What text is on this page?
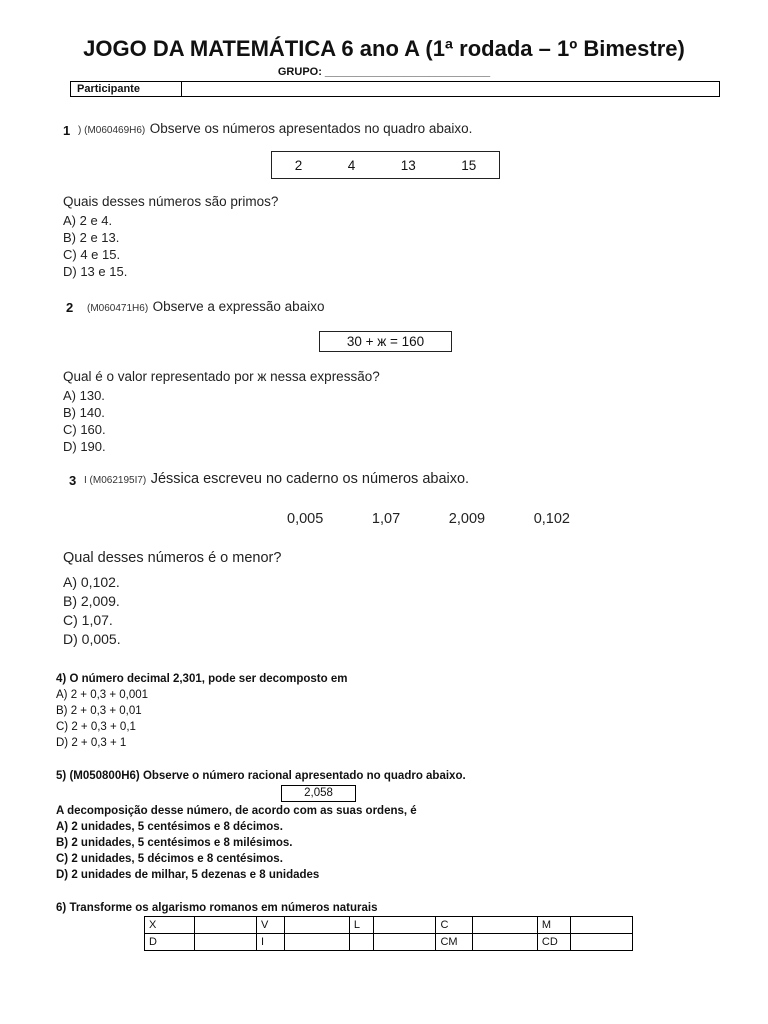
JOGO DA MATEMÁTICA 6 ano A (1ª rodada – 1º Bimestre)
GRUPO: ___________________________
Participante
1 ) (M060469H6) Observe os números apresentados no quadro abaixo.
2	4	13	15
Quais desses números são primos?
A) 2 e 4.
B) 2 e 13.
C) 4 e 15.
D) 13 e 15.
2 (M060471H6) Observe a expressão abaixo
30 + ж = 160
Qual é o valor representado por ж nessa expressão?
A) 130.
B) 140.
C) 160.
D) 190.
3 I (M062195I7) Jéssica escreveu no caderno os números abaixo.
0,005	1,07	2,009	0,102
Qual desses números é o menor?
A) 0,102.
B) 2,009.
C) 1,07.
D) 0,005.
4) O número decimal 2,301, pode ser decomposto em
A) 2 + 0,3 + 0,001
B) 2 + 0,3 + 0,01
C) 2 + 0,3 + 0,1
D) 2 + 0,3 + 1
5) (M050800H6) Observe o número racional apresentado no quadro abaixo.
2,058
A decomposição desse número, de acordo com as suas ordens, é
A) 2 unidades, 5 centésimos e 8 décimos.
B) 2 unidades, 5 centésimos e 8 milésimos.
C) 2 unidades, 5 décimos e 8 centésimos.
D) 2 unidades de milhar, 5 dezenas e 8 unidades
6) Transforme os algarismo romanos em números naturais
X		V		L		C		M	
D		I				CM		CD	
